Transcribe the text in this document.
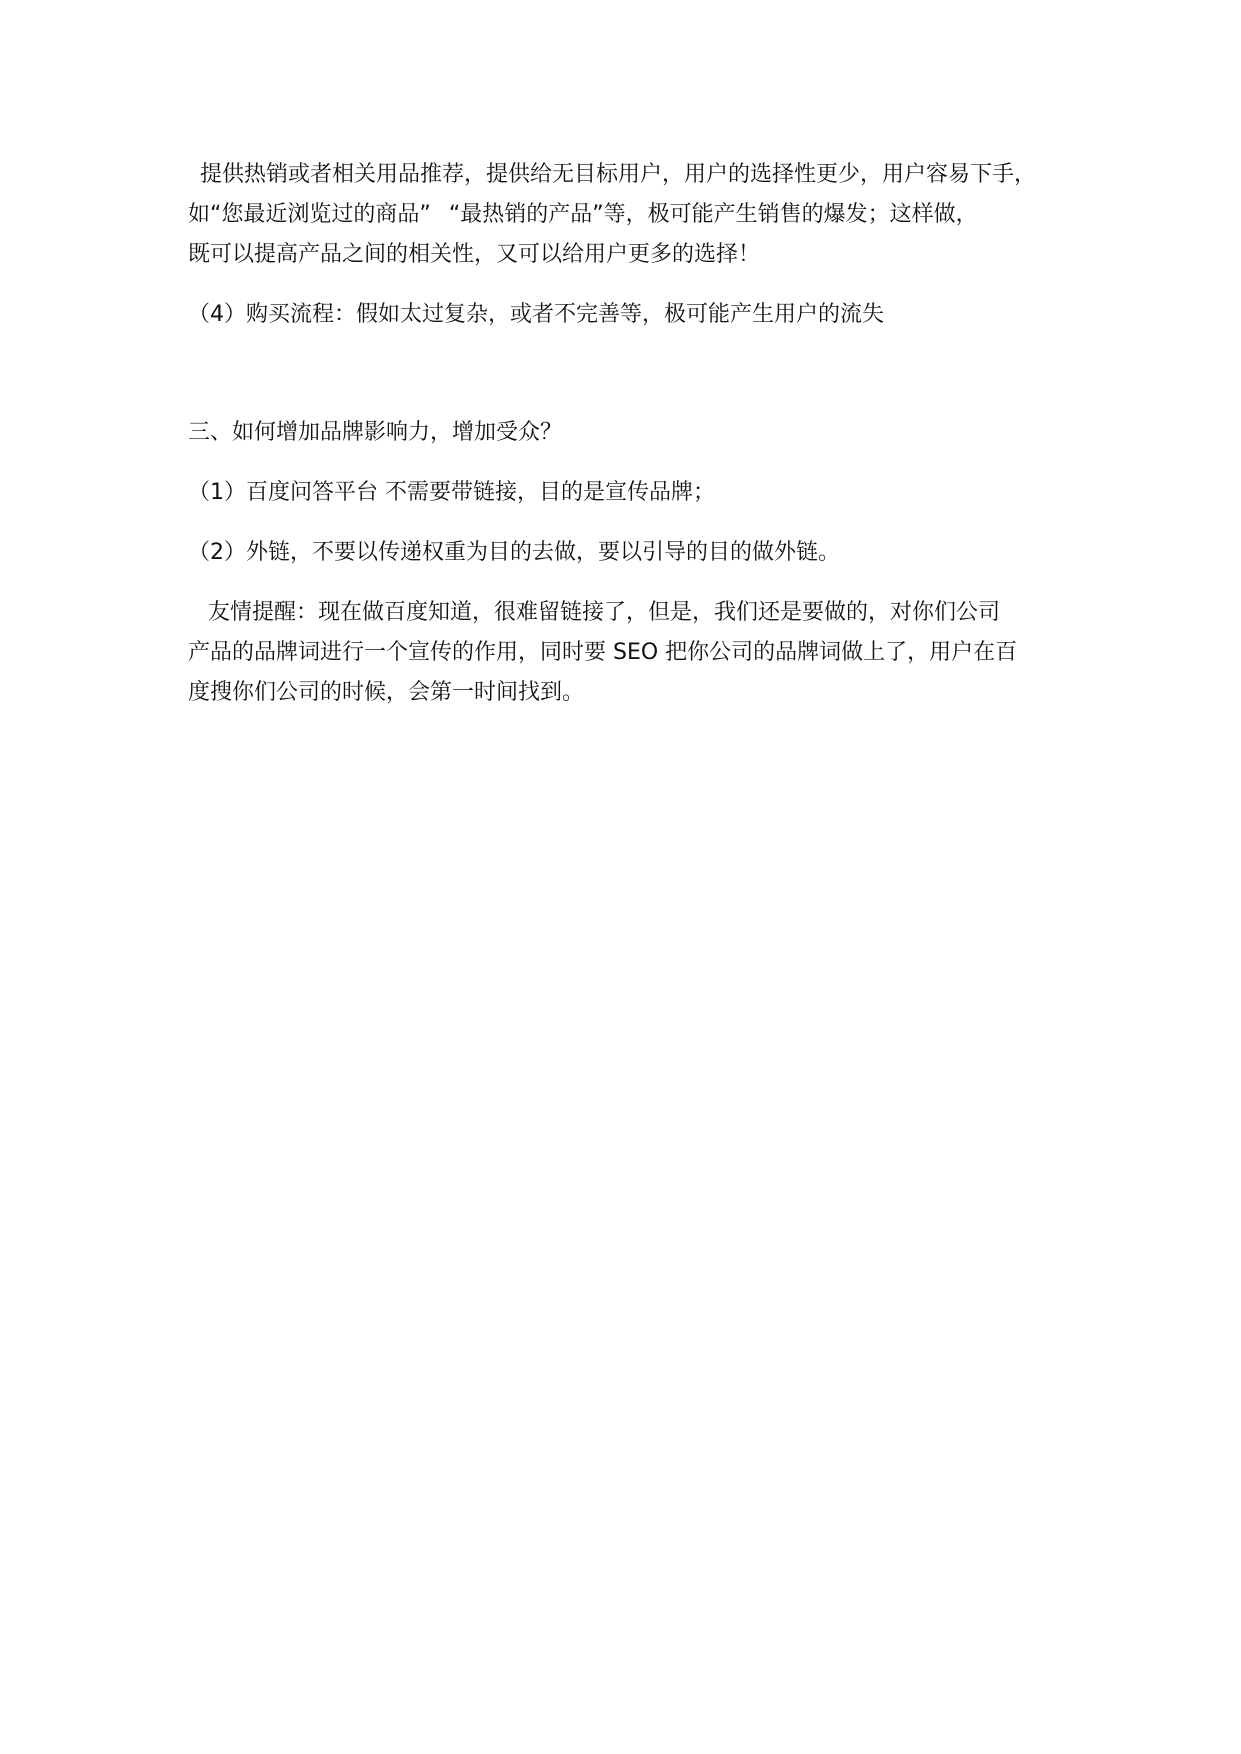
提供热销或者相关用品推荐，提供给无目标用户，用户的选择性更少，用户容易下手，
如“您最近浏览过的商品” “最热销的产品”等，极可能产生销售的爆发；这样做，
既可以提高产品之间的相关性，又可以给用户更多的选择！
（4）购买流程：假如太过复杂，或者不完善等，极可能产生用户的流失
三、如何增加品牌影响力，增加受众？
（1）百度问答平台 不需要带链接，目的是宣传品牌；
（2）外链，不要以传递权重为目的去做，要以引导的目的做外链。
友情提醒：现在做百度知道，很难留链接了，但是，我们还是要做的，对你们公司
产品的品牌词进行一个宣传的作用，同时要 SEO 把你公司的品牌词做上了，用户在百
度搜你们公司的时候，会第一时间找到。
